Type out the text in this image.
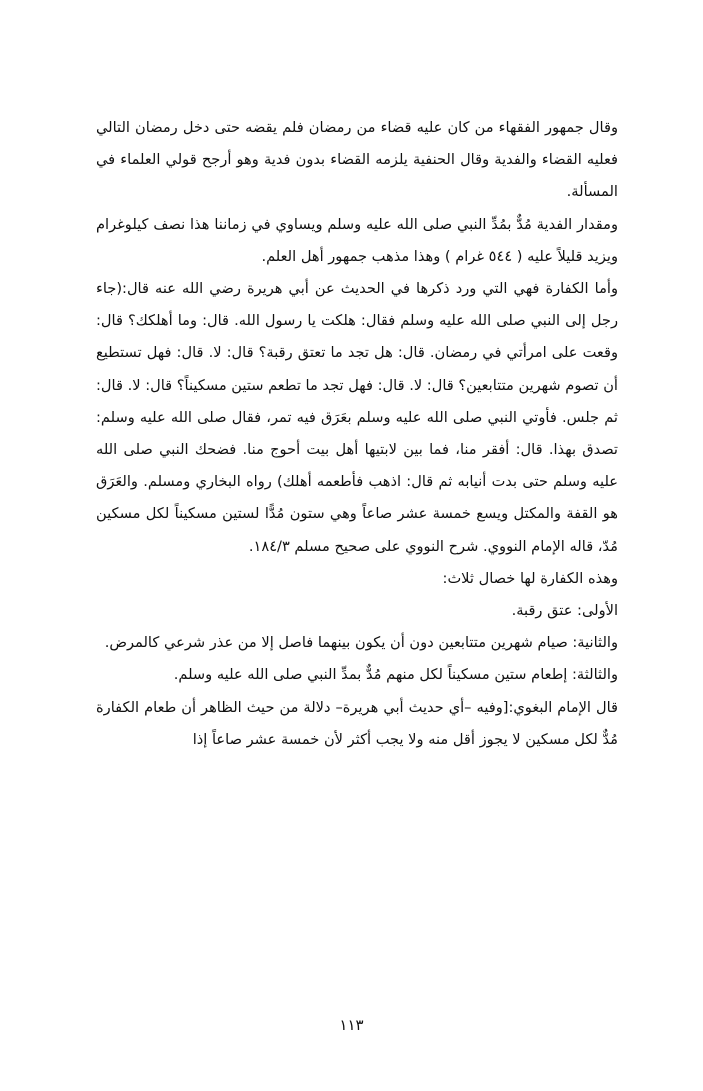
وقال جمهور الفقهاء من كان عليه قضاء من رمضان فلم يقضه حتى دخل رمضان التالي فعليه القضاء والفدية وقال الحنفية يلزمه القضاء بدون فدية وهو أرجح قولي العلماء في المسألة.

ومقدار الفدية مُدٌّ بمُدِّ النبي صلى الله عليه وسلم ويساوي في زماننا هذا نصف كيلوغرام ويزيد قليلاً عليه ( ٥٤٤ غرام ) وهذا مذهب جمهور أهل العلم.

وأما الكفارة فهي التي ورد ذكرها في الحديث عن أبي هريرة رضي الله عنه قال:(جاء رجل إلى النبي صلى الله عليه وسلم فقال: هلكت يا رسول الله. قال: وما أهلكك؟ قال: وقعت على امرأتي في رمضان. قال: هل تجد ما تعتق رقبة؟ قال: لا. قال: فهل تستطيع أن تصوم شهرين متتابعين؟ قال: لا. قال: فهل تجد ما تطعم ستين مسكيناً؟ قال: لا. قال: ثم جلس. فأوتي النبي صلى الله عليه وسلم بعَرَق فيه تمر، فقال صلى الله عليه وسلم: تصدق بهذا. قال: أفقر منا، فما بين لابتيها أهل بيت أحوج منا. فضحك النبي صلى الله عليه وسلم حتى بدت أنيابه ثم قال: اذهب فأطعمه أهلك) رواه البخاري ومسلم. والعَرَق هو القفة والمكتل ويسع خمسة عشر صاعاً وهي ستون مُدًّا لستين مسكيناً لكل مسكين مُدّ، قاله الإمام النووي. شرح النووي على صحيح مسلم ١٨٤/٣.

وهذه الكفارة لها خصال ثلاث:

الأولى: عتق رقبة.

والثانية: صيام شهرين متتابعين دون أن يكون بينهما فاصل إلا من عذر شرعي كالمرض.

والثالثة: إطعام ستين مسكيناً لكل منهم مُدٌّ بمدِّ النبي صلى الله عليه وسلم.

قال الإمام البغوي:[وفيه –أي حديث أبي هريرة– دلالة من حيث الظاهر أن طعام الكفارة مُدٌّ لكل مسكين لا يجوز أقل منه ولا يجب أكثر لأن خمسة عشر صاعاً إذا

١١٣
